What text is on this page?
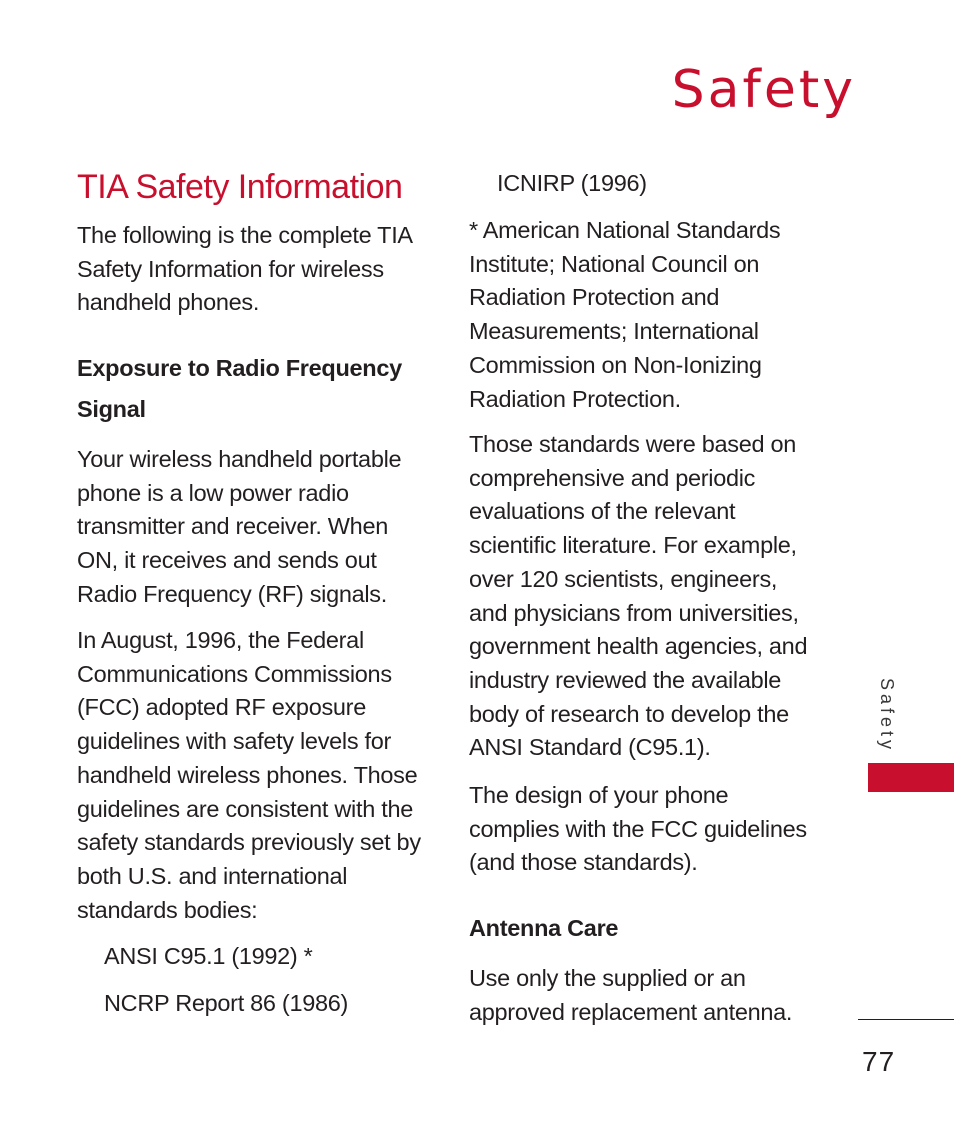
Safety
TIA Safety Information

The following is the complete TIA Safety Information for wireless handheld phones.

Exposure to Radio Frequency Signal

Your wireless handheld portable phone is a low power radio transmitter and receiver. When ON, it receives and sends out Radio Frequency (RF) signals.

In August, 1996, the Federal Communications Commissions (FCC) adopted RF exposure guidelines with safety levels for handheld wireless phones. Those guidelines are consistent with the safety standards previously set by both U.S. and international standards bodies:

ANSI C95.1 (1992) *
NCRP Report 86 (1986)
ICNIRP (1996)

* American National Standards Institute; National Council on Radiation Protection and Measurements; International Commission on Non-Ionizing Radiation Protection.

Those standards were based on comprehensive and periodic evaluations of the relevant scientific literature. For example, over 120 scientists, engineers, and physicians from universities, government health agencies, and industry reviewed the available body of research to develop the ANSI Standard (C95.1).

The design of your phone complies with the FCC guidelines (and those standards).

Antenna Care

Use only the supplied or an approved replacement antenna.

Safety
77
